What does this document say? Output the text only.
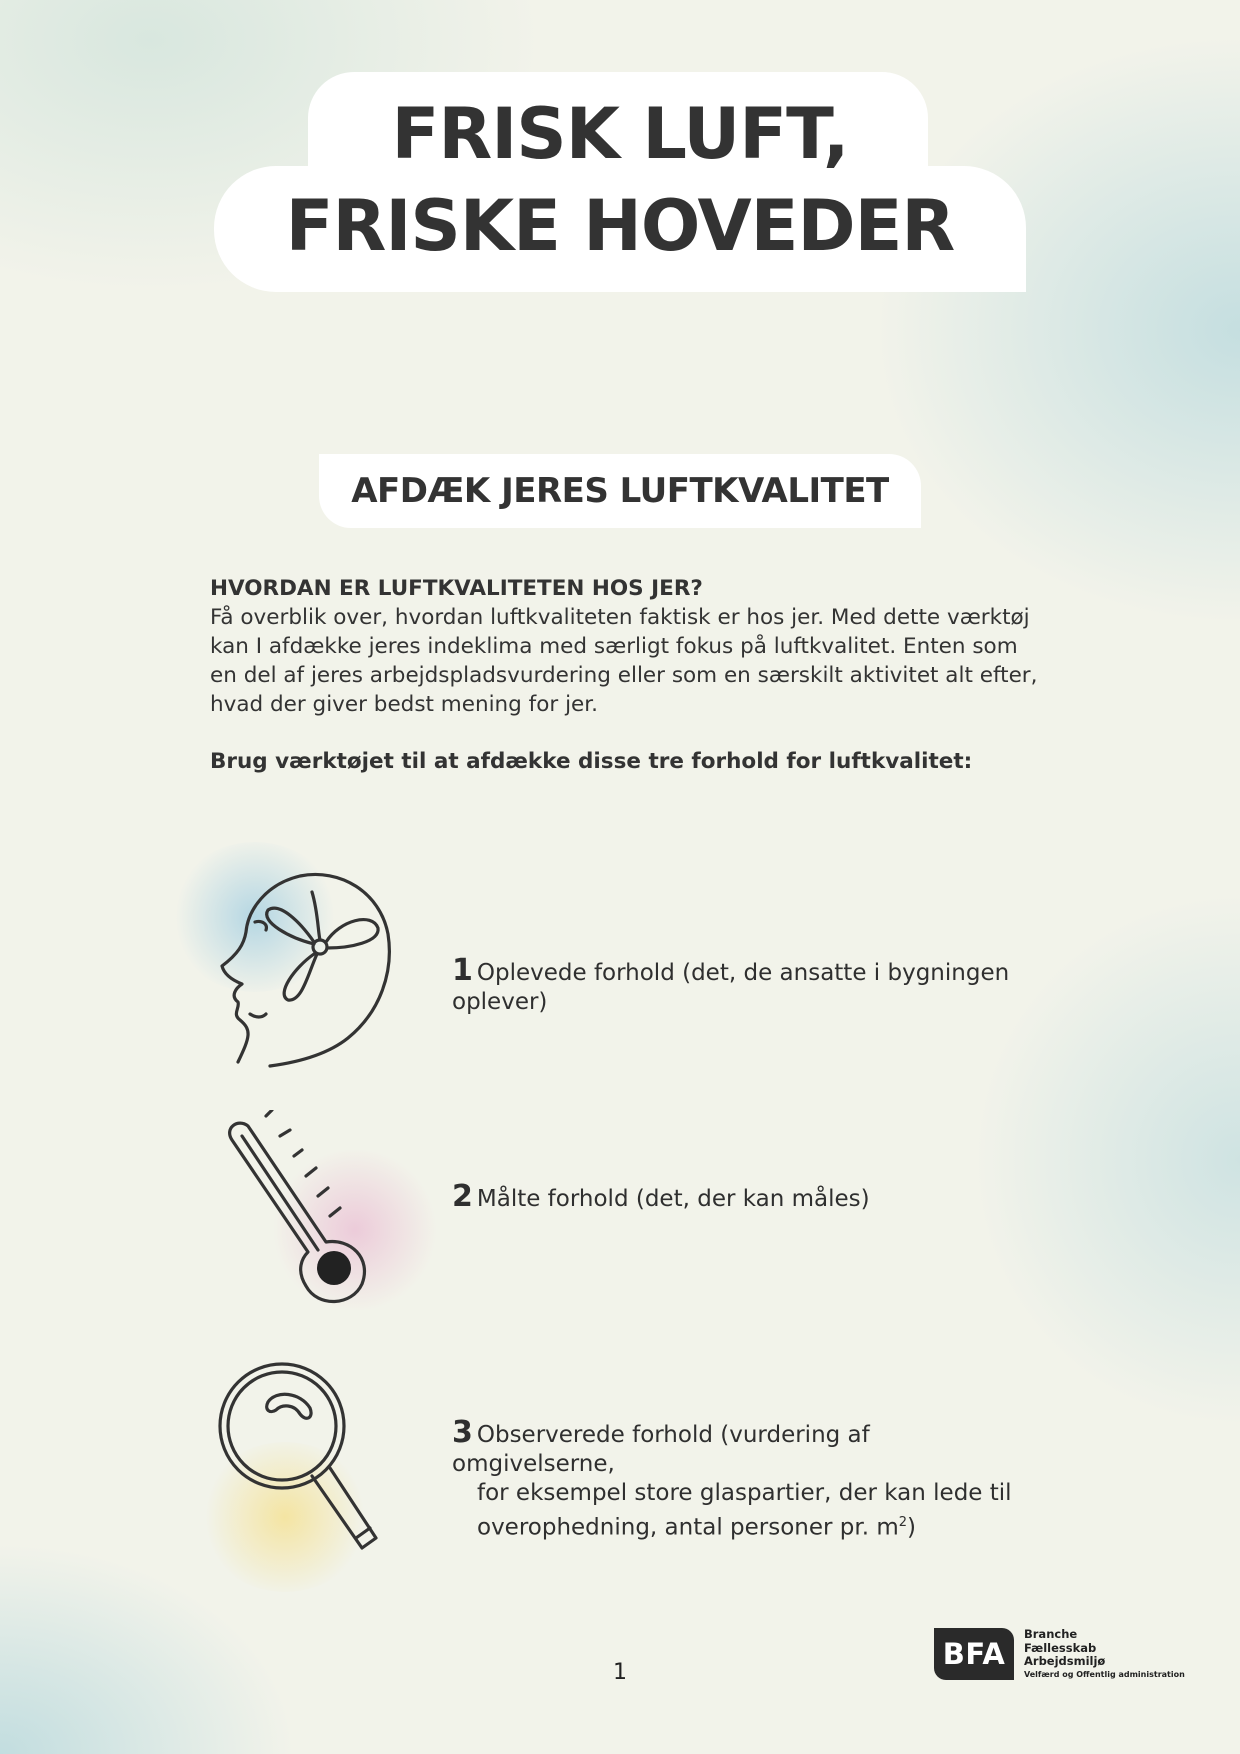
FRISK LUFT,
FRISKE HOVEDER
AFDÆK JERES LUFTKVALITET

HVORDAN ER LUFTKVALITETEN HOS JER?

Få overblik over, hvordan luftkvaliteten faktisk er hos jer. Med dette værktøj kan I afdække jeres indeklima med særligt fokus på luftkvalitet. Enten som en del af jeres arbejdspladsvurdering eller som en særskilt aktivitet alt efter, hvad der giver bedst mening for jer.

Brug værktøjet til at afdække disse tre forhold for luftkvalitet:
1 Oplevede forhold (det, de ansatte i bygningen oplever)
2 Målte forhold (det, der kan måles)
3 Observerede forhold (vurdering af omgivelserne,
for eksempel store glaspartier, der kan lede til
overophedning, antal personer pr. $m^2$)
1
BFA
Branche
Fællesskab
Arbejdsmiljø
Velfærd og Offentlig administration
